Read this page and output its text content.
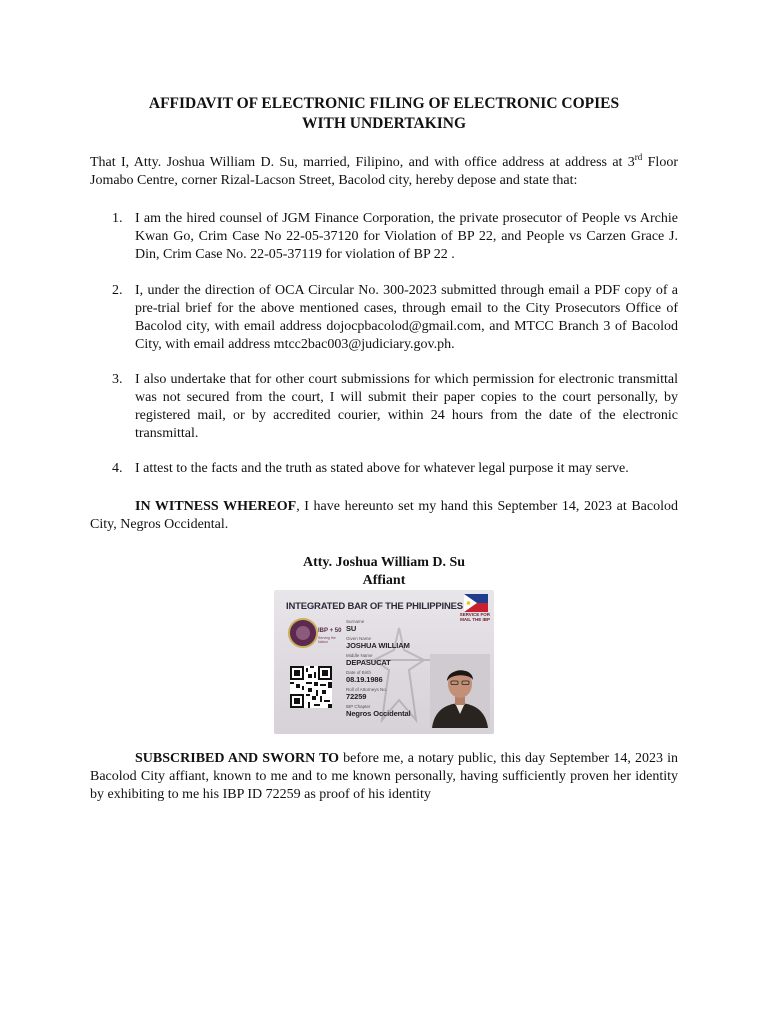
AFFIDAVIT OF ELECTRONIC FILING OF ELECTRONIC COPIES
WITH UNDERTAKING

That I, Atty. Joshua William D. Su, married, Filipino, and with office address at address at 3rd Floor Jomabo Centre, corner Rizal-Lacson Street, Bacolod city, hereby depose and state that:

1. I am the hired counsel of JGM Finance Corporation, the private prosecutor of People vs Archie Kwan Go, Crim Case No 22-05-37120 for Violation of BP 22, and People vs Carzen Grace J. Din, Crim Case No. 22-05-37119 for violation of BP 22 .
2. I, under the direction of OCA Circular No. 300-2023 submitted through email a PDF copy of a pre-trial brief for the above mentioned cases, through email to the City Prosecutors Office of Bacolod city, with email address dojocpbacolod@gmail.com, and MTCC Branch 3 of Bacolod City, with email address mtcc2bac003@judiciary.gov.ph.
3. I also undertake that for other court submissions for which permission for electronic transmittal was not secured from the court, I will submit their paper copies to the court personally, by registered mail, or by accredited courier, within 24 hours from the date of the electronic transmittal.
4. I attest to the facts and the truth as stated above for whatever legal purpose it may serve.

IN WITNESS WHEREOF, I have hereunto set my hand this September 14, 2023 at Bacolod City, Negros Occidental.

Atty. Joshua William D. Su
Affiant

SUBSCRIBED AND SWORN TO before me, a notary public, this day September 14, 2023 in Bacolod City affiant, known to me and to me known personally, having sufficiently proven her identity by exhibiting to me his IBP ID 72259 as proof of his identity

INTEGRATED BAR OF THE PHILIPPINES
SERVICE FOR
MAIL THE IBP
IBP + 50
Serving the Nation
Surname
SU
Given Name
JOSHUA WILLIAM
Middle Name
DEPASUCAT
Date of Birth
08.19.1986
Roll of Attorneys No.
72259
IBP Chapter
Negros Occidental
